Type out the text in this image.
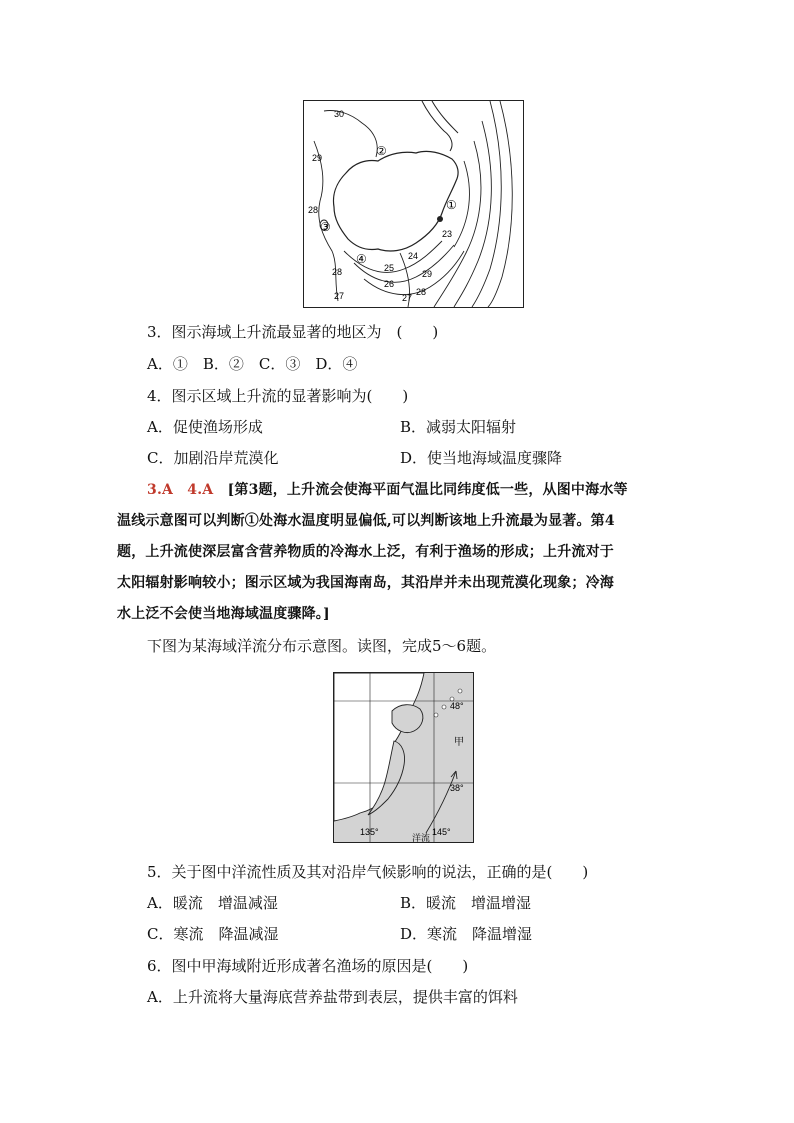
30
29
28
28
27
26
25
24
23
29
27
28
①
②
③
④
3．图示海域上升流最显著的地区为　(　　)
A．①　B．②　C．③　D．④
4．图示区域上升流的显著影响为(　　)
A．促使渔场形成	B．减弱太阳辐射
C．加剧沿岸荒漠化	D．使当地海域温度骤降
3.A　4.A　 [第3题，上升流会使海平面气温比同纬度低一些，从图中海水等
温线示意图可以判断①处海水温度明显偏低,可以判断该地上升流最为显著。第4
题，上升流使深层富含营养物质的冷海水上泛，有利于渔场的形成；上升流对于
太阳辐射影响较小；图示区域为我国海南岛，其沿岸并未出现荒漠化现象；冷海
水上泛不会使当地海域温度骤降。]
下图为某海域洋流分布示意图。读图，完成5～6题。
48°
38°
135°	145°
甲
洋流
5．关于图中洋流性质及其对沿岸气候影响的说法，正确的是(　　)
A．暖流　增温减湿	B．暖流　增温增湿
C．寒流　降温减湿	D．寒流　降温增湿
6．图中甲海域附近形成著名渔场的原因是(　　)
A．上升流将大量海底营养盐带到表层，提供丰富的饵料
